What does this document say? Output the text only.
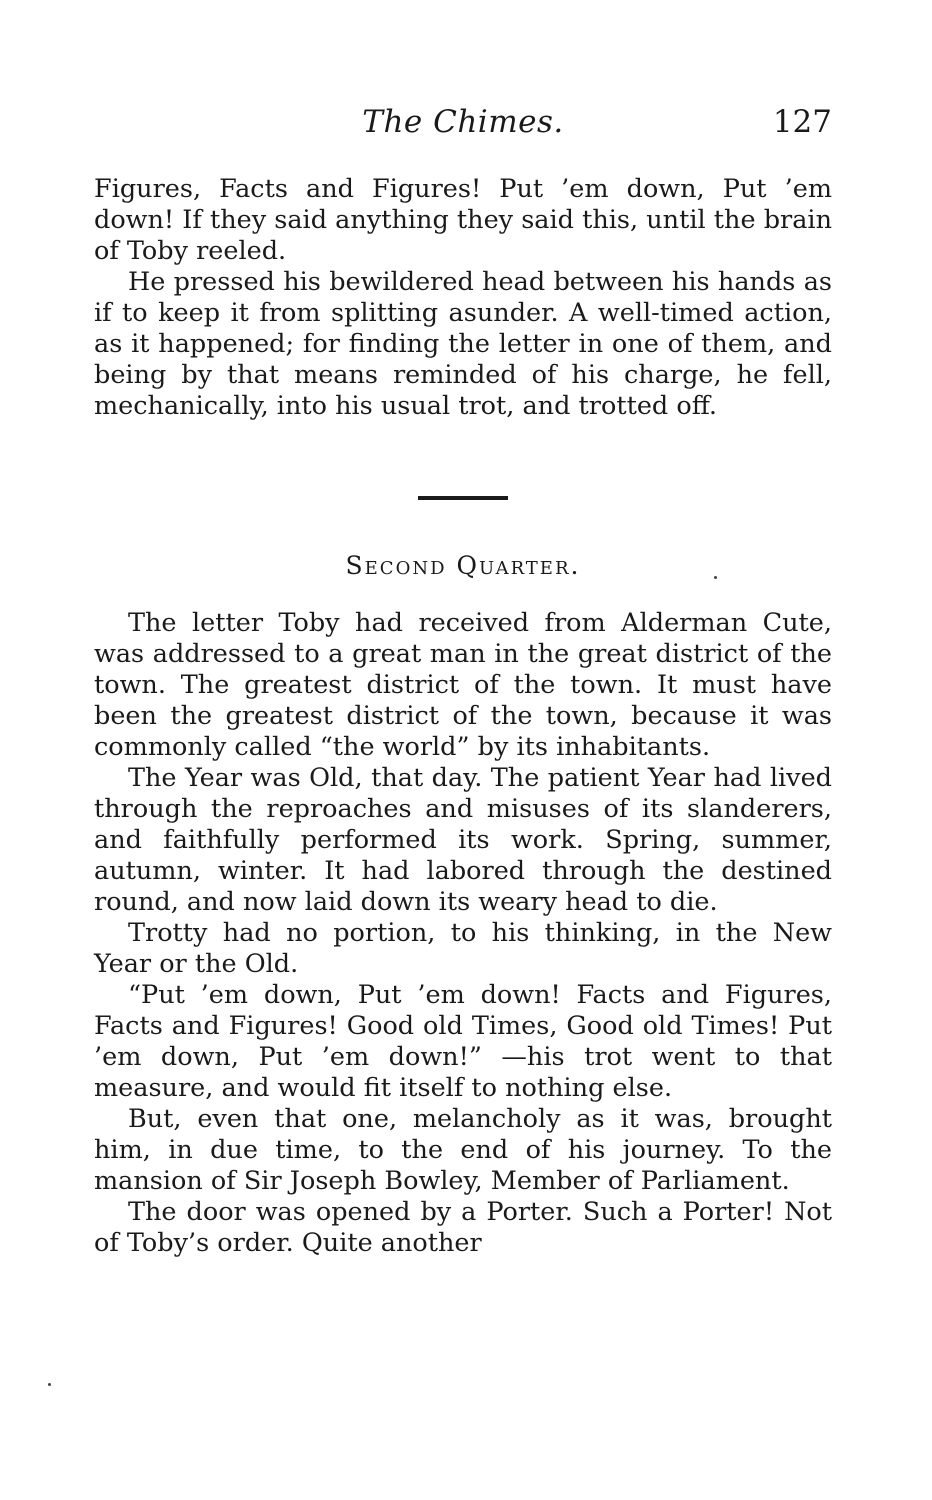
The Chimes.	127

Figures, Facts and Figures! Put ’em down, Put ’em down! If they said anything they said this, until the brain of Toby reeled.

He pressed his bewildered head between his hands as if to keep it from splitting asunder. A well-timed action, as it happened; for finding the letter in one of them, and being by that means reminded of his charge, he fell, mechanically, into his usual trot, and trotted off.

Second Quarter.

The letter Toby had received from Alderman Cute, was addressed to a great man in the great district of the town. The greatest district of the town. It must have been the greatest district of the town, because it was commonly called “the world” by its inhabitants.

The Year was Old, that day. The patient Year had lived through the reproaches and misuses of its slanderers, and faithfully performed its work. Spring, summer, autumn, winter. It had labored through the destined round, and now laid down its weary head to die.

Trotty had no portion, to his thinking, in the New Year or the Old.

“Put ’em down, Put ’em down! Facts and Figures, Facts and Figures! Good old Times, Good old Times! Put ’em down, Put ’em down!” —his trot went to that measure, and would fit itself to nothing else.

But, even that one, melancholy as it was, brought him, in due time, to the end of his journey. To the mansion of Sir Joseph Bowley, Member of Parliament.

The door was opened by a Porter. Such a Porter! Not of Toby’s order. Quite another
